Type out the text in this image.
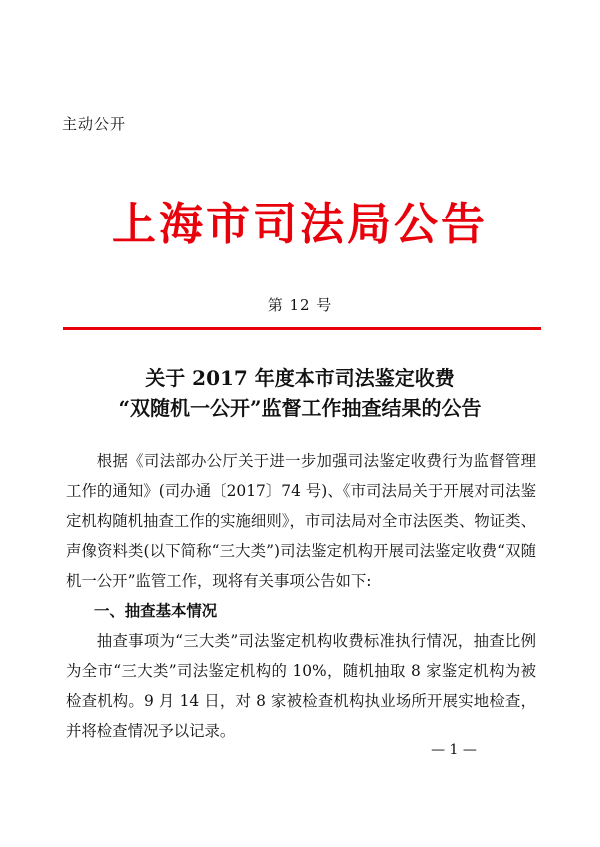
主动公开
上海市司法局公告
第 12 号
关于 2017 年度本市司法鉴定收费
“双随机一公开”监督工作抽查结果的公告
根据《司法部办公厅关于进一步加强司法鉴定收费行为监督管理工作的通知》(司办通〔2017〕74 号)、《市司法局关于开展对司法鉴定机构随机抽查工作的实施细则》，市司法局对全市法医类、物证类、声像资料类(以下简称“三大类”)司法鉴定机构开展司法鉴定收费“双随机一公开”监管工作，现将有关事项公告如下:
一、抽查基本情况
抽查事项为“三大类”司法鉴定机构收费标准执行情况，抽查比例为全市“三大类”司法鉴定机构的 10%，随机抽取 8 家鉴定机构为被检查机构。9 月 14 日，对 8 家被检查机构执业场所开展实地检查，并将检查情况予以记录。
— 1 —
